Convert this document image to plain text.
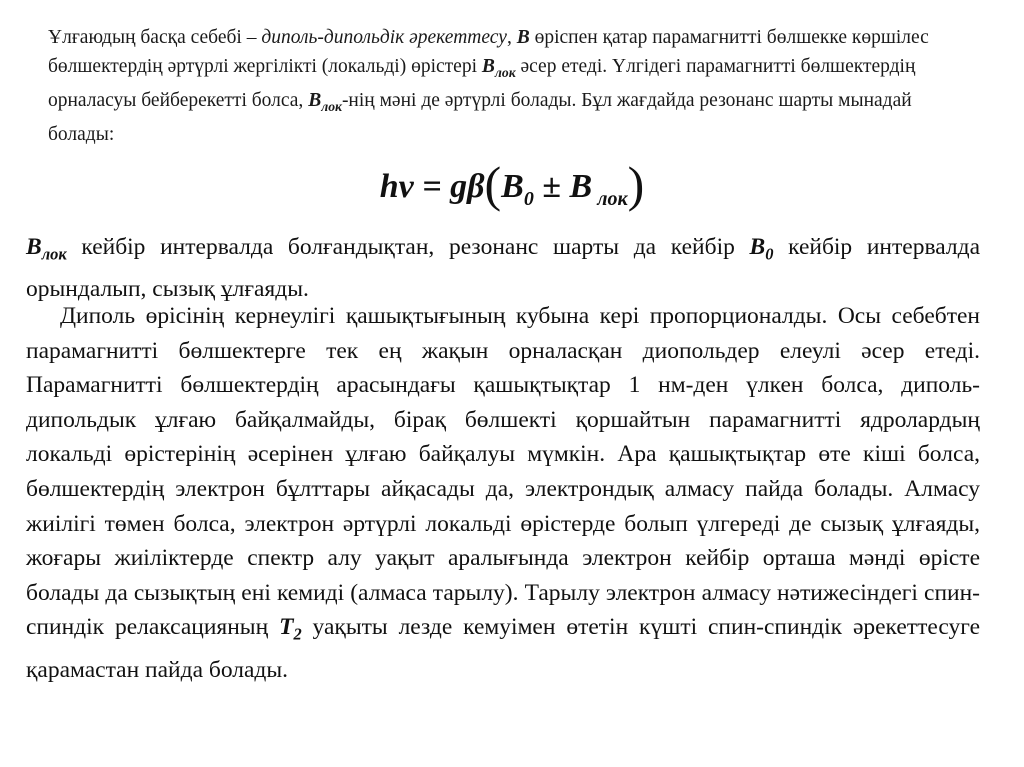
Ұлғаюдың басқа себебі – диполь-дипольдік әрекеттесу, B өріспен қатар парамагнитті бөлшекке көршілес бөлшектердің әртүрлі жергілікті (локальді) өрістері $B_{лок}$ әсер етеді. Үлгідегі парамагнитті бөлшектердің орналасуы бейберекетті болса, $B_{лок}$-нің мәні де әртүрлі болады. Бұл жағдайда резонанс шарты мынадай болады:
$h\nu = g\beta(B_0 \pm B$ $_{лок}$)
$B_{лок}$ кейбір интервалда болғандықтан, резонанс шарты да кейбір $B_0$ кейбір интервалда орындалып, сызық ұлғаяды.
Диполь өрісінің кернеулігі қашықтығының кубына кері пропорционалды. Осы себебтен парамагнитті бөлшектерге тек ең жақын орналасқан диопольдер елеулі әсер етеді. Парамагнитті бөлшектердің арасындағы қашықтықтар 1 нм-ден үлкен болса, диполь-дипольдык ұлғаю байқалмайды, бірақ бөлшекті қоршайтын парамагнитті ядролардың локальді өрістерінің әсерінен ұлғаю байқалуы мүмкін. Ара қашықтықтар өте кіші болса, бөлшектердің электрон бұлттары айқасады да, электрондық алмасу пайда болады. Алмасу жиілігі төмен болса, электрон әртүрлі локальді өрістерде болып үлгереді де сызық ұлғаяды, жоғары жиіліктерде спектр алу уақыт аралығында электрон кейбір орташа мәнді өрісте болады да сызықтың ені кемиді (алмаса тарылу). Тарылу электрон алмасу нәтижесіндегі спин-спиндік релаксацияның $T_2$ уақыты лезде кемуімен өтетін күшті спин-спиндік әрекеттесуге қарамастан пайда болады.
